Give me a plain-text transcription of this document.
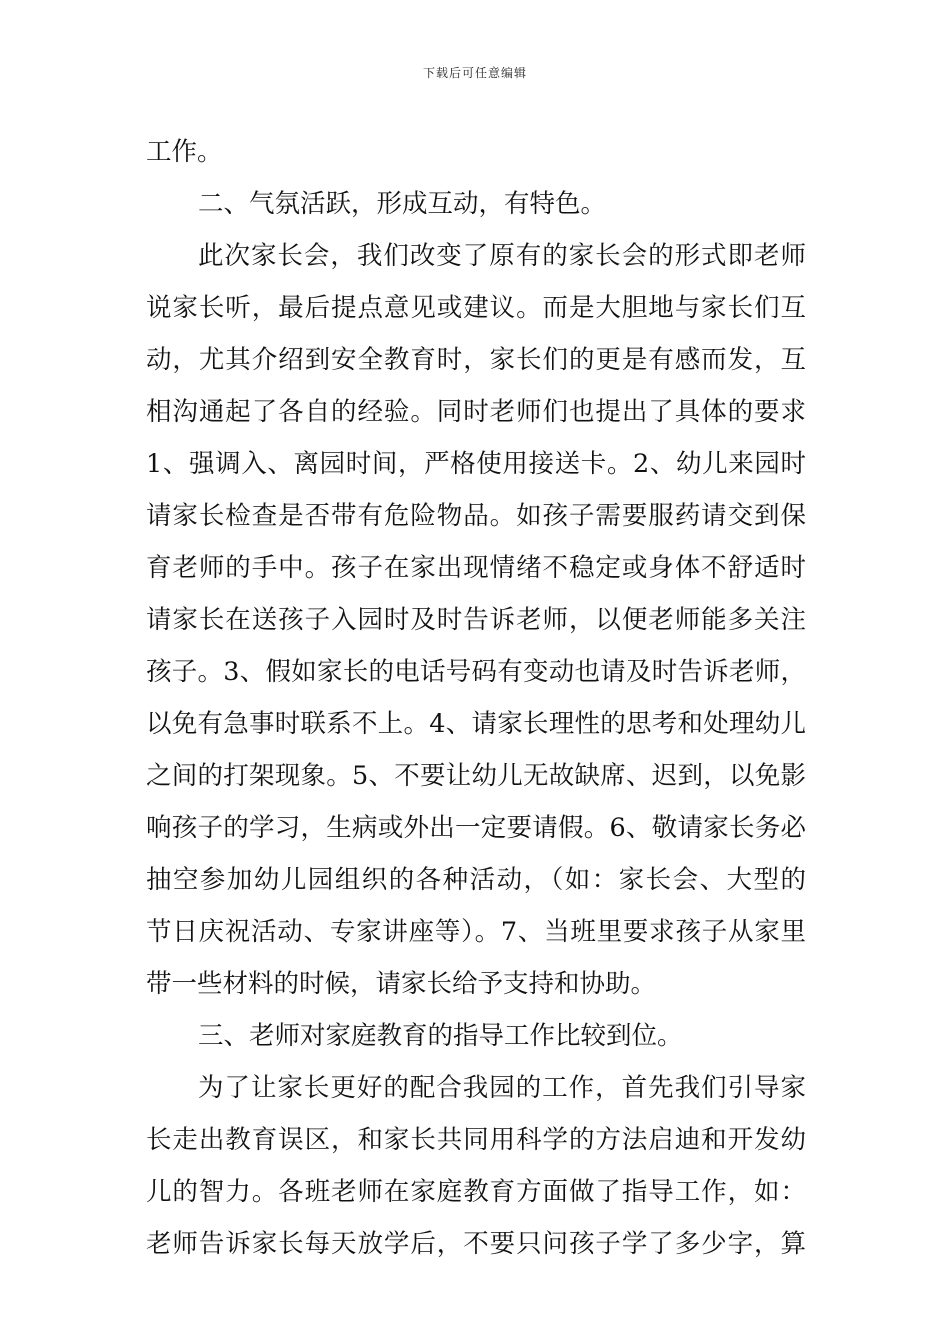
下载后可任意编辑
工作。
二、气氛活跃，形成互动，有特色。
此次家长会，我们改变了原有的家长会的形式即老师
说家长听，最后提点意见或建议。而是大胆地与家长们互
动，尤其介绍到安全教育时，家长们的更是有感而发，互
相沟通起了各自的经验。同时老师们也提出了具体的要求
1、强调入、离园时间，严格使用接送卡。2、幼儿来园时
请家长检查是否带有危险物品。如孩子需要服药请交到保
育老师的手中。孩子在家出现情绪不稳定或身体不舒适时
请家长在送孩子入园时及时告诉老师，以便老师能多关注
孩子。3、假如家长的电话号码有变动也请及时告诉老师，
以免有急事时联系不上。4、请家长理性的思考和处理幼儿
之间的打架现象。5、不要让幼儿无故缺席、迟到，以免影
响孩子的学习，生病或外出一定要请假。6、敬请家长务必
抽空参加幼儿园组织的各种活动，（如：家长会、大型的
节日庆祝活动、专家讲座等）。7、当班里要求孩子从家里
带一些材料的时候，请家长给予支持和协助。
三、老师对家庭教育的指导工作比较到位。
为了让家长更好的配合我园的工作，首先我们引导家
长走出教育误区，和家长共同用科学的方法启迪和开发幼
儿的智力。各班老师在家庭教育方面做了指导工作，如：
老师告诉家长每天放学后，不要只问孩子学了多少字，算
